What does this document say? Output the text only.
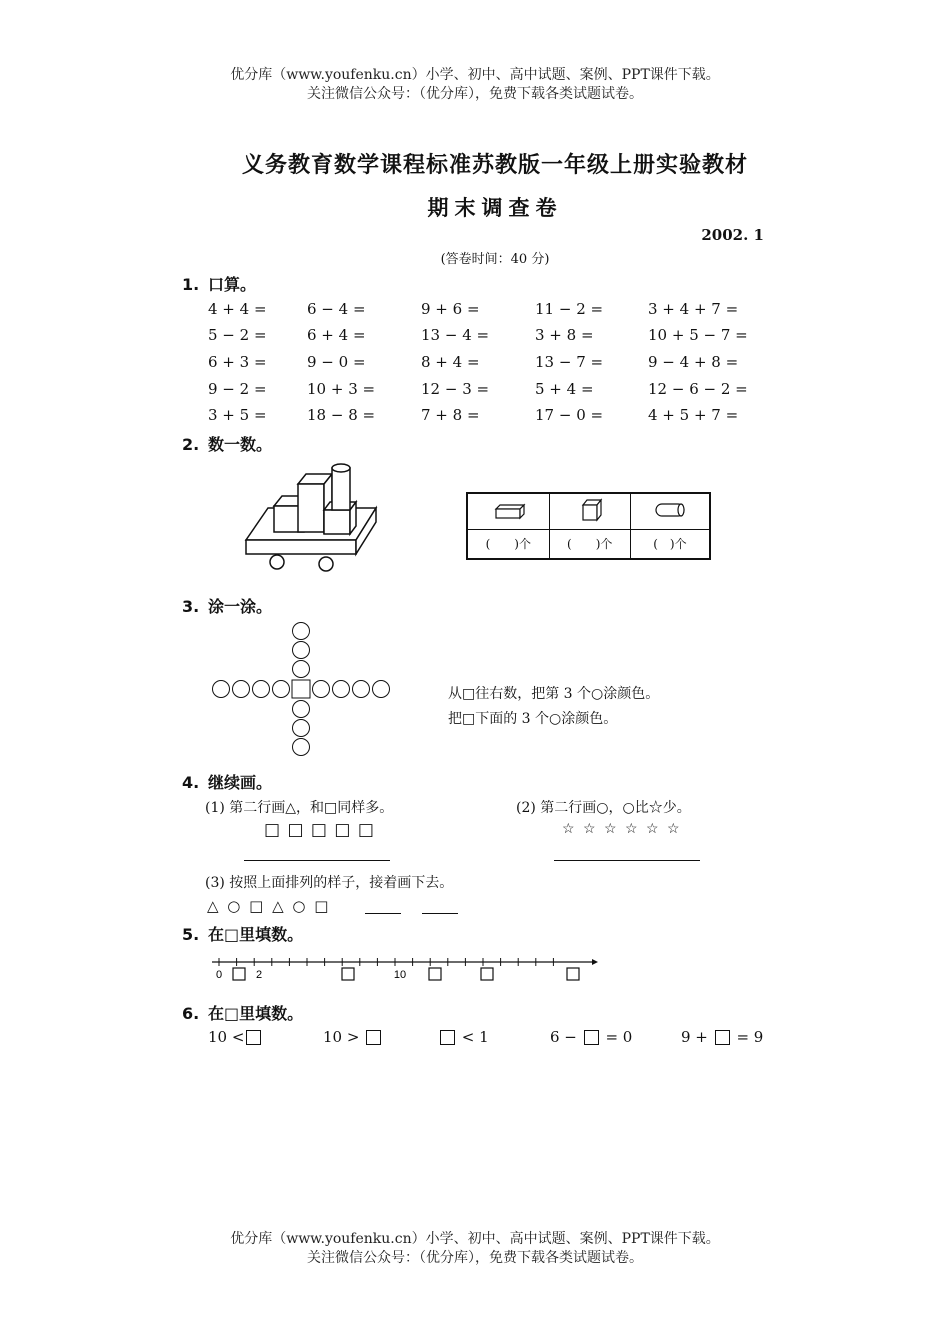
优分库（www.youfenku.cn）小学、初中、高中试题、案例、PPT课件下载。
关注微信公众号：（优分库），免费下载各类试题试卷。
义务教育数学课程标准苏教版一年级上册实验教材
期末调查卷
2002. 1
(答卷时间：40 分)
1. 口算。
4 + 4 =	6 − 4 =	9 + 6 =	11 − 2 =	3 + 4 + 7 =
5 − 2 =	6 + 4 =	13 − 4 =	3 + 8 =	10 + 5 − 7 =
6 + 3 =	9 − 0 =	8 + 4 =	13 − 7 =	9 − 4 + 8 =
9 − 2 =	10 + 3 =	12 − 3 =	5 + 4 =	12 − 6 − 2 =
3 + 5 =	18 − 8 =	7 + 8 =	17 − 0 =	4 + 5 + 7 =
2. 数一数。

(　　)个	(　　)个	(　)个
3. 涂一涂。
从□往右数，把第 3 个○涂颜色。
把□下面的 3 个○涂颜色。
4. 继续画。
(1) 第二行画△，和□同样多。
□ □ □ □ □
(2) 第二行画○，○比☆少。
☆ ☆ ☆ ☆ ☆ ☆
(3) 按照上面排列的样子，接着画下去。
△ ○ □ △ ○ □
5. 在□里填数。
0	2	10
6. 在□里填数。
10 <	10 >	< 1	6 − = 0	9 + = 9
优分库（www.youfenku.cn）小学、初中、高中试题、案例、PPT课件下载。
关注微信公众号：（优分库），免费下载各类试题试卷。
